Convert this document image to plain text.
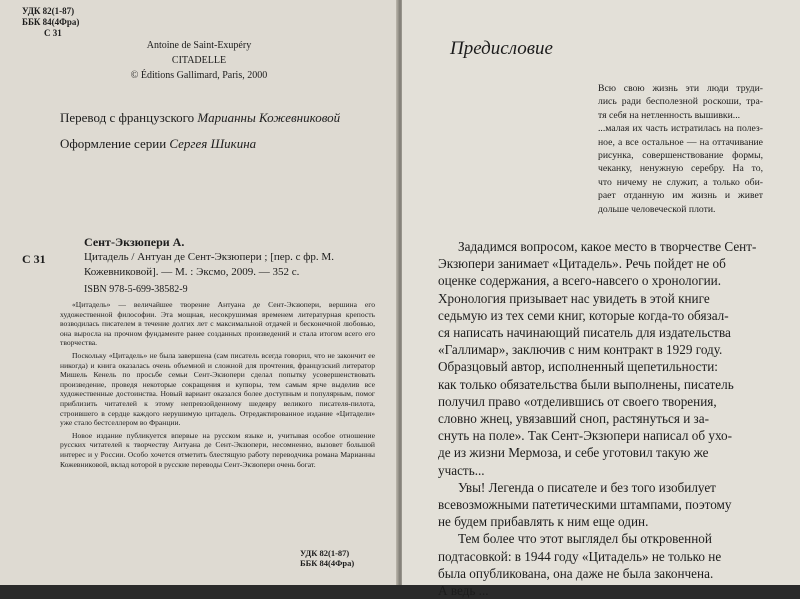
УДК 82(1-87)
ББК 84(4Фра)
С 31
Antoine de Saint-Exupéry
CITADELLE
© Éditions Gallimard, Paris, 2000
Перевод с французского Марианны Кожевниковой
Оформление серии Сергея Шикина
С 31
Сент-Экзюпери А.
Цитадель / Антуан де Сент-Экзюпери ; [пер. с фр. М. Кожевниковой]. — М. : Эксмо, 2009. — 352 с.
ISBN 978-5-699-38582-9

«Цитадель» — величайшее творение Антуана де Сент-Экзюпери, вершина его художественной философии. Эта мощная, несокрушимая временем литературная крепость возводилась писателем в течение долгих лет с максимальной отдачей и бесконечной любовью, она выросла на прочном фундаменте ранее созданных произведений и стала итогом всего его творчества.

Поскольку «Цитадель» не была завершена (сам писатель всегда говорил, что не закончит ее никогда) и книга оказалась очень объемной и сложной для прочтения, французский литератор Мишель Кенель по просьбе семьи Сент-Экзюпери сделал попытку усовершенствовать произведение, проведя некоторые сокращения и купюры, тем самым ярче выделив все художественные достоинства. Новый вариант оказался более доступным и популярным, помог приблизить читателей к этому непревзойденному шедевру великого писателя-пилота, строившего в сердце каждого нерушимую цитадель. Отредактированное издание «Цитадели» уже стало бестселлером во Франции.

Новое издание публикуется впервые на русском языке и, учитывая особое отношение русских читателей к творчеству Антуана де Сент-Экзюпери, несомненно, вызовет большой интерес и у России. Особо хочется отметить блестящую работу переводчика романа Марианны Кожевниковой, вклад которой в русские переводы Сент-Экзюпери очень богат.

УДК 82(1-87)
ББК 84(4Фра)
Предисловие
Всю свою жизнь эти люди труди-
лись ради бесполезной роскоши, тра-
тя себя на нетленность вышивки...
...малая их часть истратилась на полез-
ное, а все остальное — на оттачивание
рисунка, совершенствование формы,
чеканку, ненужную серебру. На то,
что ничему не служит, а только оби-
рает отданную им жизнь и живет
дольше человеческой плоти.
Зададимся вопросом, какое место в творчестве Сент-
Экзюпери занимает «Цитадель». Речь пойдет не об
оценке содержания, а всего-навсего о хронологии.
Хронология призывает нас увидеть в этой книге
седьмую из тех семи книг, которые когда-то обязал-
ся написать начинающий писатель для издательства
«Галлимар», заключив с ним контракт в 1929 году.
Образцовый автор, исполненный щепетильности:
как только обязательства были выполнены, писатель
получил право «отделившись от своего творения,
словно жнец, увязавший сноп, растянуться и за-
снуть на поле». Так Сент-Экзюпери написал об ухо-
де из жизни Мермоза, и себе уготовил такую же
участь...
Увы! Легенда о писателе и без того изобилует
всевозможными патетическими штампами, поэтому
не будем прибавлять к ним еще один.
Тем более что этот выглядел бы откровенной
подтасовкой: в 1944 году «Цитадель» не только не
была опубликована, она даже не была закончена.
А ведь ...
